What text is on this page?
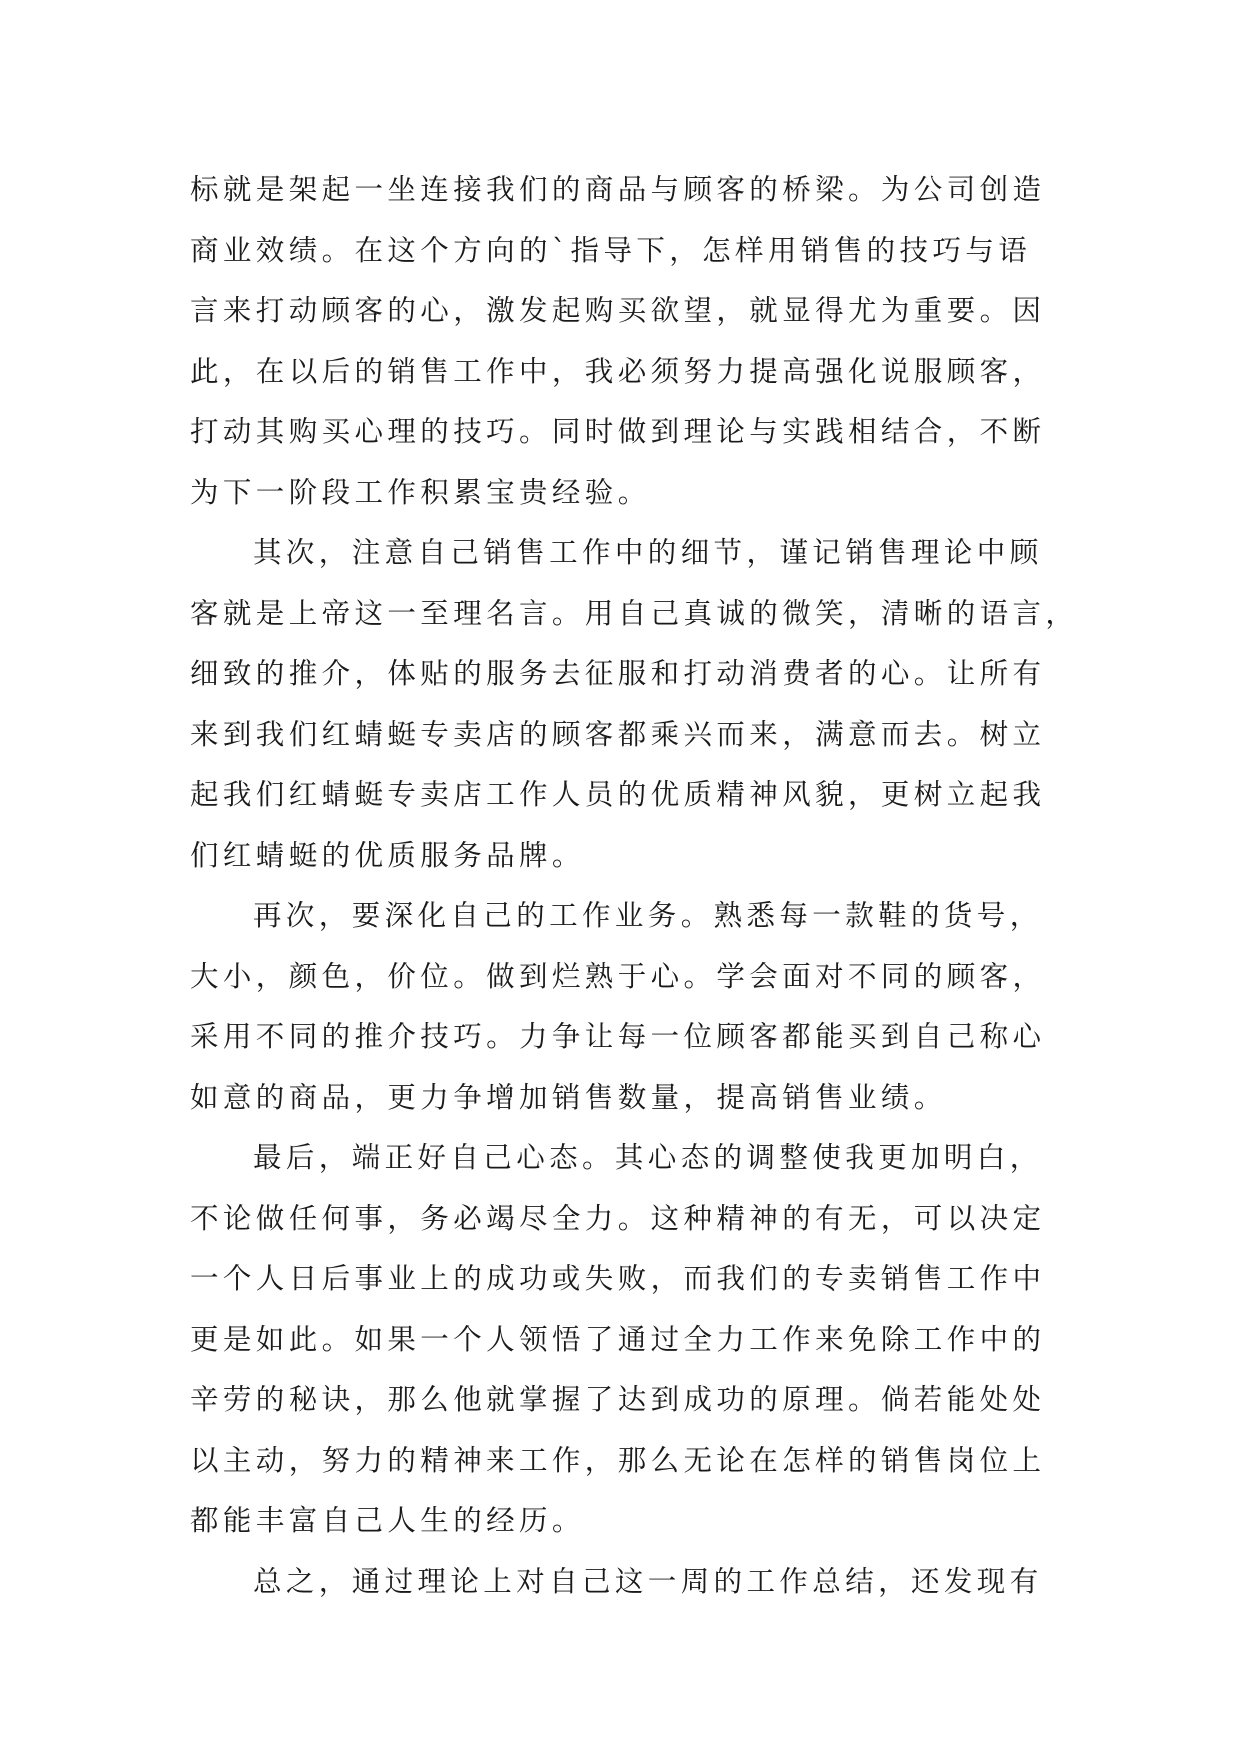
标就是架起一坐连接我们的商品与顾客的桥梁。为公司创造
商业效绩。在这个方向的`指导下，怎样用销售的技巧与语
言来打动顾客的心，激发起购买欲望，就显得尤为重要。因
此，在以后的销售工作中，我必须努力提高强化说服顾客，
打动其购买心理的技巧。同时做到理论与实践相结合，不断
为下一阶段工作积累宝贵经验。
其次，注意自己销售工作中的细节，谨记销售理论中顾
客就是上帝这一至理名言。用自己真诚的微笑，清晰的语言，
细致的推介，体贴的服务去征服和打动消费者的心。让所有
来到我们红蜻蜓专卖店的顾客都乘兴而来，满意而去。树立
起我们红蜻蜓专卖店工作人员的优质精神风貌，更树立起我
们红蜻蜓的优质服务品牌。
再次，要深化自己的工作业务。熟悉每一款鞋的货号，
大小，颜色，价位。做到烂熟于心。学会面对不同的顾客，
采用不同的推介技巧。力争让每一位顾客都能买到自己称心
如意的商品，更力争增加销售数量，提高销售业绩。
最后，端正好自己心态。其心态的调整使我更加明白，
不论做任何事，务必竭尽全力。这种精神的有无，可以决定
一个人日后事业上的成功或失败，而我们的专卖销售工作中
更是如此。如果一个人领悟了通过全力工作来免除工作中的
辛劳的秘诀，那么他就掌握了达到成功的原理。倘若能处处
以主动，努力的精神来工作，那么无论在怎样的销售岗位上
都能丰富自己人生的经历。
总之，通过理论上对自己这一周的工作总结，还发现有
